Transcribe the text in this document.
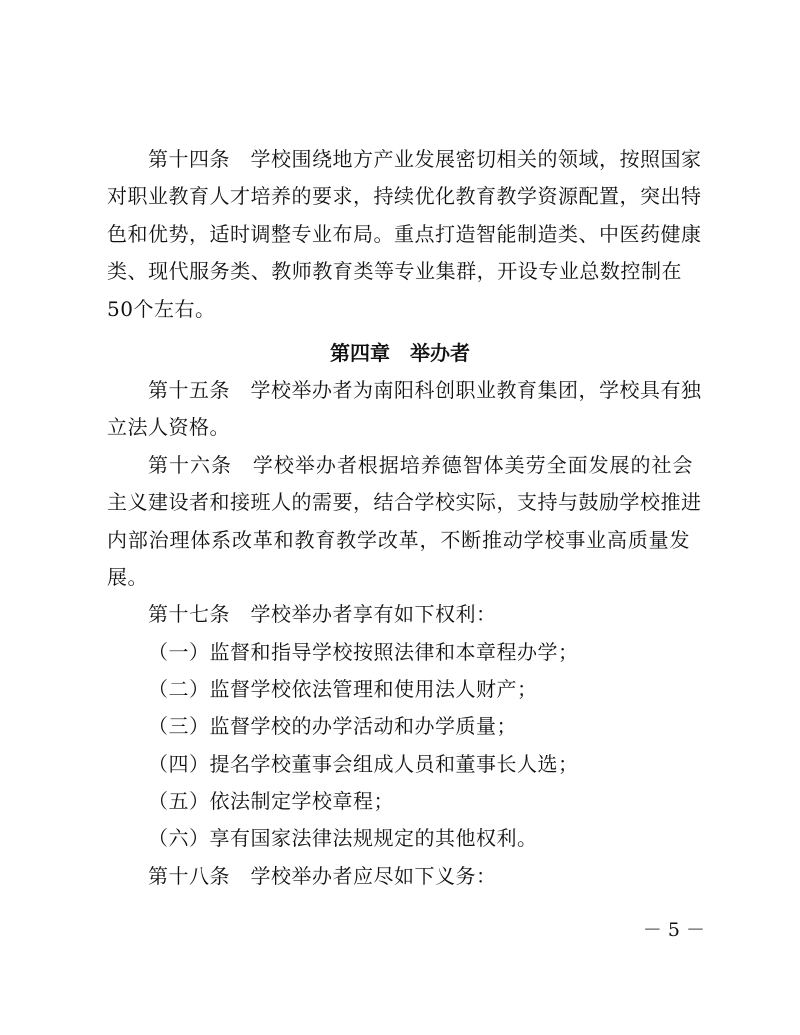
第十四条　学校围绕地方产业发展密切相关的领域，按照国家
对职业教育人才培养的要求，持续优化教育教学资源配置，突出特
色和优势，适时调整专业布局。重点打造智能制造类、中医药健康
类、现代服务类、教师教育类等专业集群，开设专业总数控制在
50个左右。
第四章　举办者
第十五条　学校举办者为南阳科创职业教育集团，学校具有独
立法人资格。
第十六条　学校举办者根据培养德智体美劳全面发展的社会
主义建设者和接班人的需要，结合学校实际，支持与鼓励学校推进
内部治理体系改革和教育教学改革，不断推动学校事业高质量发
展。
第十七条　学校举办者享有如下权利：
（一）监督和指导学校按照法律和本章程办学；
（二）监督学校依法管理和使用法人财产；
（三）监督学校的办学活动和办学质量；
（四）提名学校董事会组成人员和董事长人选；
（五）依法制定学校章程；
（六）享有国家法律法规规定的其他权利。
第十八条　学校举办者应尽如下义务：
－ 5 －
